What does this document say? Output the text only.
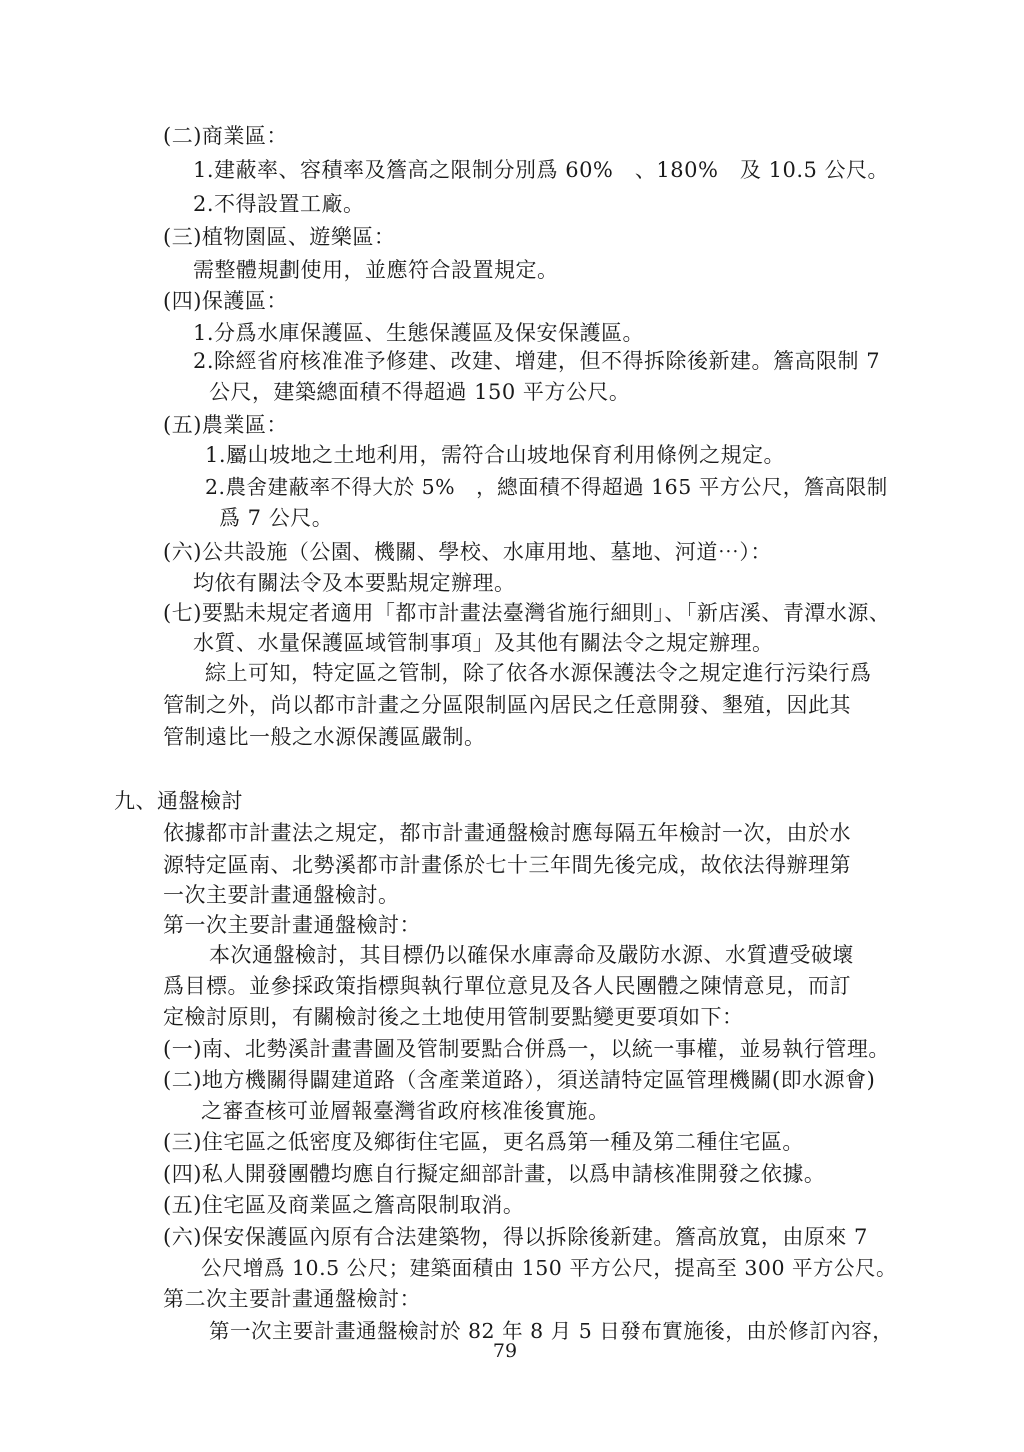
(二)商業區：
1.建蔽率、容積率及簷高之限制分別爲 60%　、180%　及 10.5 公尺。
2.不得設置工廠。
(三)植物園區、遊樂區：
需整體規劃使用，並應符合設置規定。
(四)保護區：
1.分爲水庫保護區、生態保護區及保安保護區。
2.除經省府核准准予修建、改建、增建，但不得拆除後新建。簷高限制 7
公尺，建築總面積不得超過 150 平方公尺。
(五)農業區：
1.屬山坡地之土地利用，需符合山坡地保育利用條例之規定。
2.農舍建蔽率不得大於 5%　，總面積不得超過 165 平方公尺，簷高限制
爲 7 公尺。
(六)公共設施（公園、機關、學校、水庫用地、墓地、河道⋯）：
均依有關法令及本要點規定辦理。
(七)要點未規定者適用「都市計畫法臺灣省施行細則」、「新店溪、青潭水源、
水質、水量保護區域管制事項」及其他有關法令之規定辦理。
綜上可知，特定區之管制，除了依各水源保護法令之規定進行污染行爲
管制之外，尚以都市計畫之分區限制區內居民之任意開發、墾殖，因此其
管制遠比一般之水源保護區嚴制。
九、通盤檢討
依據都市計畫法之規定，都市計畫通盤檢討應每隔五年檢討一次，由於水
源特定區南、北勢溪都市計畫係於七十三年間先後完成，故依法得辦理第
一次主要計畫通盤檢討。
第一次主要計畫通盤檢討：
本次通盤檢討，其目標仍以確保水庫壽命及嚴防水源、水質遭受破壞
爲目標。並參採政策指標與執行單位意見及各人民團體之陳情意見，而訂
定檢討原則，有關檢討後之土地使用管制要點變更要項如下：
(一)南、北勢溪計畫書圖及管制要點合併爲一，以統一事權，並易執行管理。
(二)地方機關得闢建道路（含產業道路），須送請特定區管理機關(即水源會)
之審查核可並層報臺灣省政府核准後實施。
(三)住宅區之低密度及鄉街住宅區，更名爲第一種及第二種住宅區。
(四)私人開發團體均應自行擬定細部計畫，以爲申請核准開發之依據。
(五)住宅區及商業區之簷高限制取消。
(六)保安保護區內原有合法建築物，得以拆除後新建。簷高放寬，由原來 7
公尺增爲 10.5 公尺；建築面積由 150 平方公尺，提高至 300 平方公尺。
第二次主要計畫通盤檢討：
第一次主要計畫通盤檢討於 82 年 8 月 5 日發布實施後，由於修訂內容，
79
